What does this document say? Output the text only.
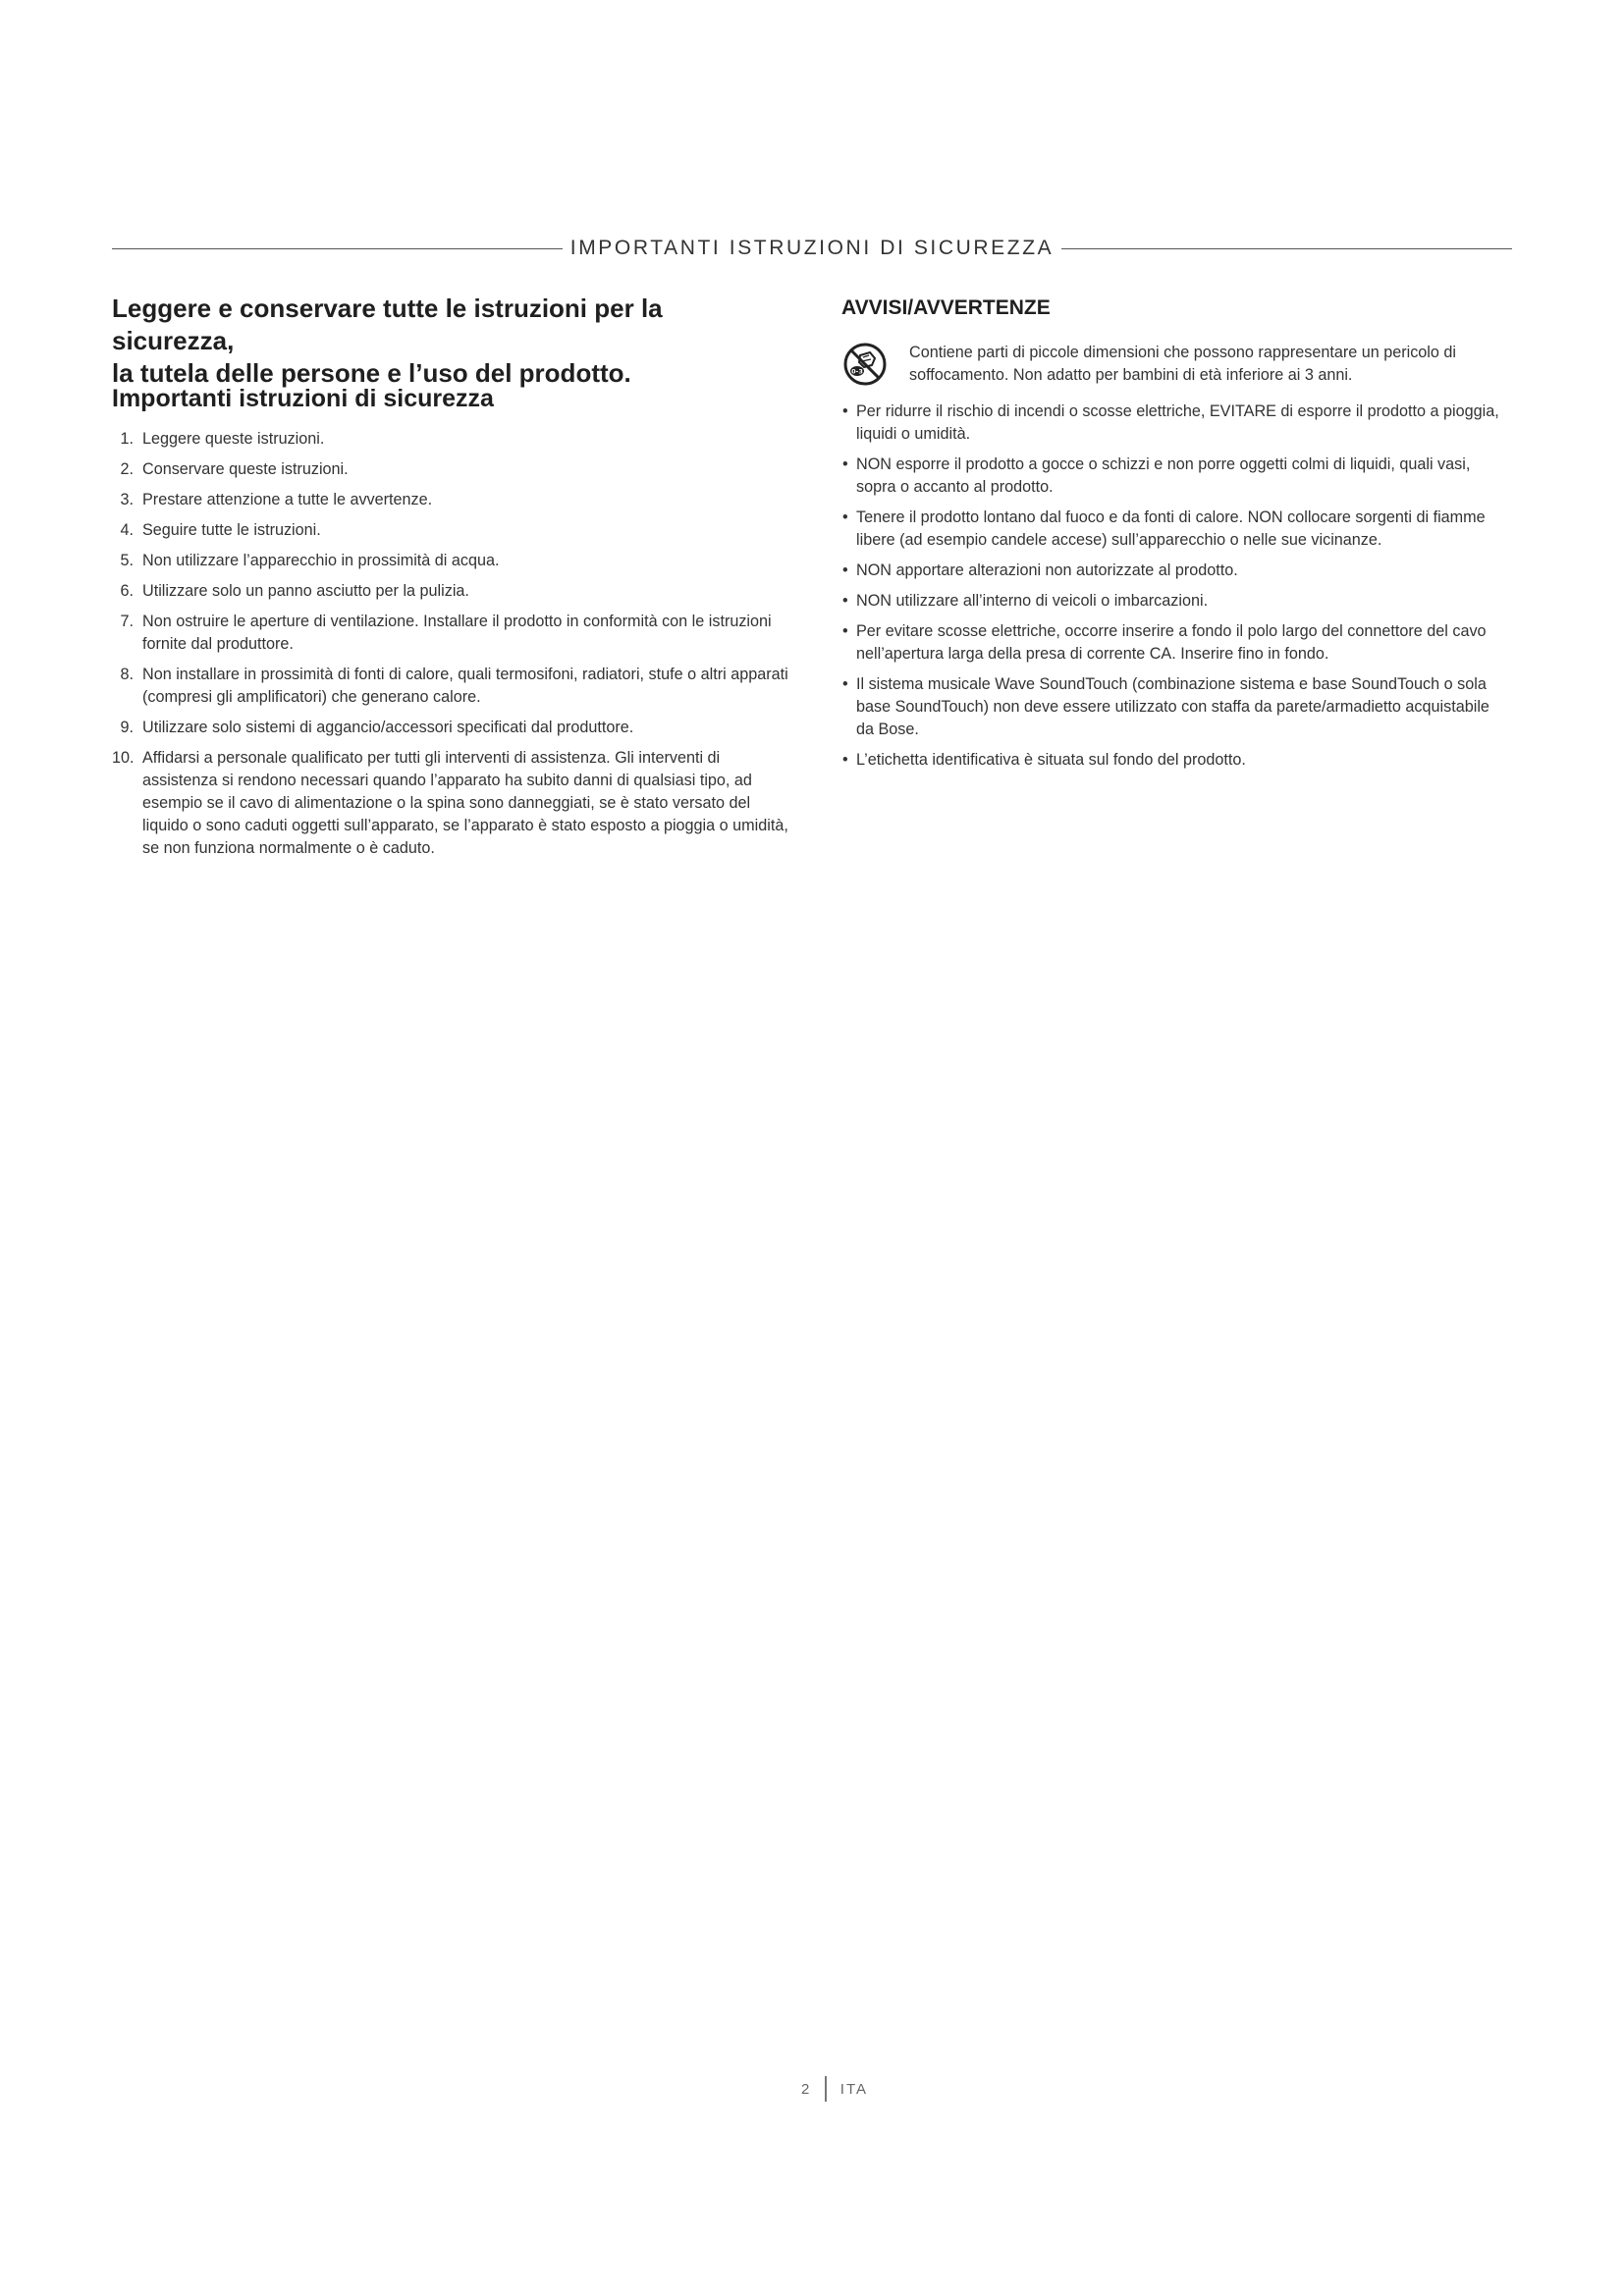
IMPORTANTI ISTRUZIONI DI SICUREZZA

Leggere e conservare tutte le istruzioni per la sicurezza,
la tutela delle persone e l’uso del prodotto.

Importanti istruzioni di sicurezza
1. Leggere queste istruzioni.
2. Conservare queste istruzioni.
3. Prestare attenzione a tutte le avvertenze.
4. Seguire tutte le istruzioni.
5. Non utilizzare l’apparecchio in prossimità di acqua.
6. Utilizzare solo un panno asciutto per la pulizia.
7. Non ostruire le aperture di ventilazione. Installare il prodotto in conformità con le istruzioni fornite dal produttore.
8. Non installare in prossimità di fonti di calore, quali termosifoni, radiatori, stufe o altri apparati (compresi gli amplificatori) che generano calore.
9. Utilizzare solo sistemi di aggancio/accessori specificati dal produttore.
10. Affidarsi a personale qualificato per tutti gli interventi di assistenza. Gli interventi di assistenza si rendono necessari quando l’apparato ha subito danni di qualsiasi tipo, ad esempio se il cavo di alimentazione o la spina sono danneggiati, se è stato versato del liquido o sono caduti oggetti sull’apparato, se l’apparato è stato esposto a pioggia o umidità, se non funziona normalmente o è caduto.
AVVISI/AVVERTENZE
0-3
Contiene parti di piccole dimensioni che possono rappresentare un pericolo di soffocamento. Non adatto per bambini di età inferiore ai 3 anni.
• Per ridurre il rischio di incendi o scosse elettriche, EVITARE di esporre il prodotto a pioggia, liquidi o umidità.
• NON esporre il prodotto a gocce o schizzi e non porre oggetti colmi di liquidi, quali vasi, sopra o accanto al prodotto.
• Tenere il prodotto lontano dal fuoco e da fonti di calore. NON collocare sorgenti di fiamme libere (ad esempio candele accese) sull’apparecchio o nelle sue vicinanze.
• NON apportare alterazioni non autorizzate al prodotto.
• NON utilizzare all’interno di veicoli o imbarcazioni.
• Per evitare scosse elettriche, occorre inserire a fondo il polo largo del connettore del cavo nell’apertura larga della presa di corrente CA. Inserire fino in fondo.
• Il sistema musicale Wave SoundTouch (combinazione sistema e base SoundTouch o sola base SoundTouch) non deve essere utilizzato con staffa da parete/armadietto acquistabile da Bose.
• L’etichetta identificativa è situata sul fondo del prodotto.
2 ITA
